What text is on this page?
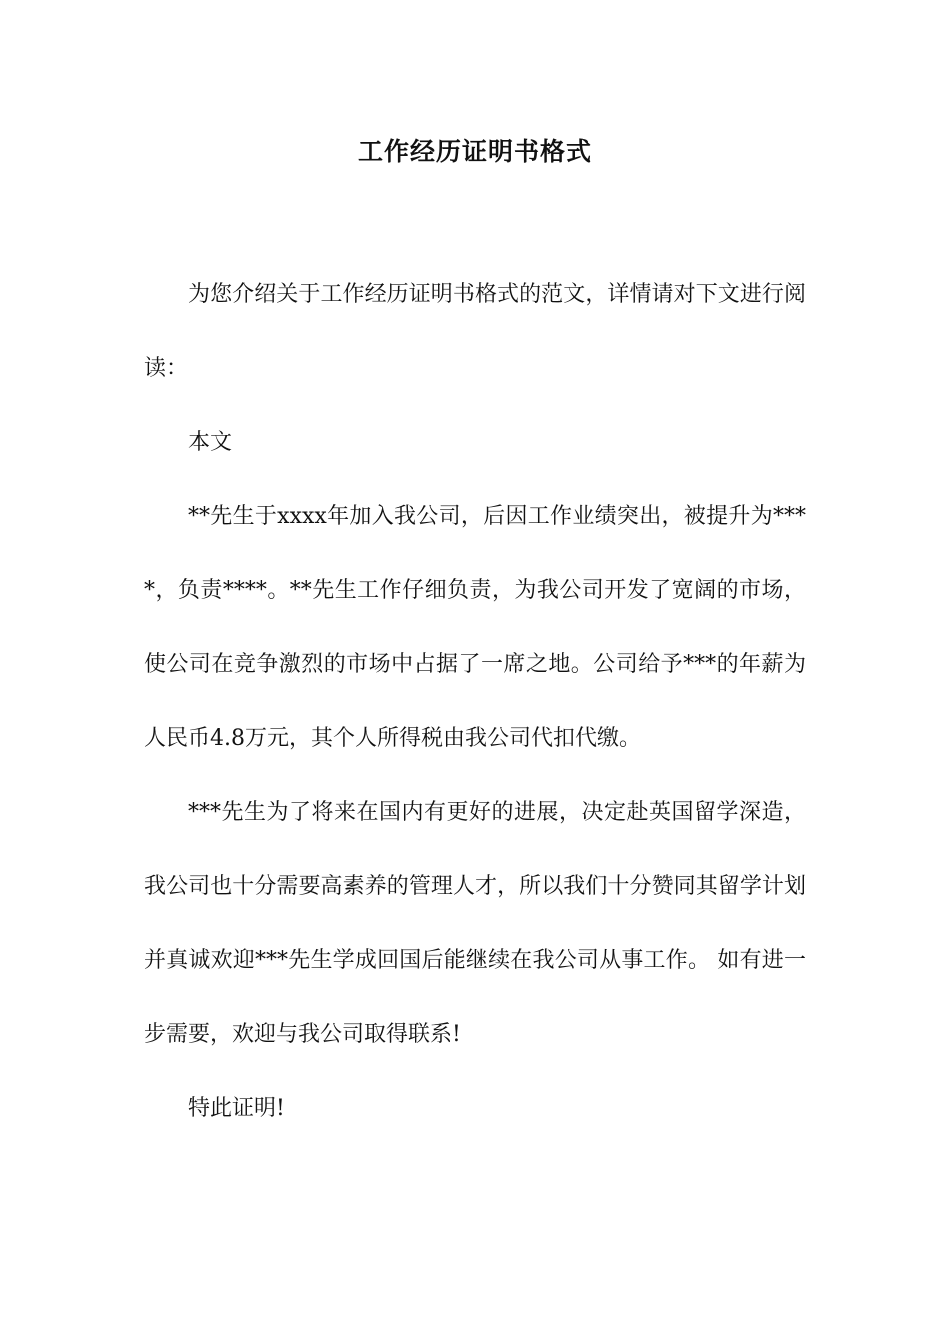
工作经历证明书格式

为您介绍关于工作经历证明书格式的范文，详情请对下文进行阅读：

本文

**先生于xxxx年加入我公司，后因工作业绩突出，被提升为****，负责****。**先生工作仔细负责，为我公司开发了宽阔的市场，使公司在竞争激烈的市场中占据了一席之地。公司给予***的年薪为人民币4.8万元，其个人所得税由我公司代扣代缴。

***先生为了将来在国内有更好的进展，决定赴英国留学深造，我公司也十分需要高素养的管理人才，所以我们十分赞同其留学计划并真诚欢迎***先生学成回国后能继续在我公司从事工作。 如有进一步需要，欢迎与我公司取得联系!

特此证明!
